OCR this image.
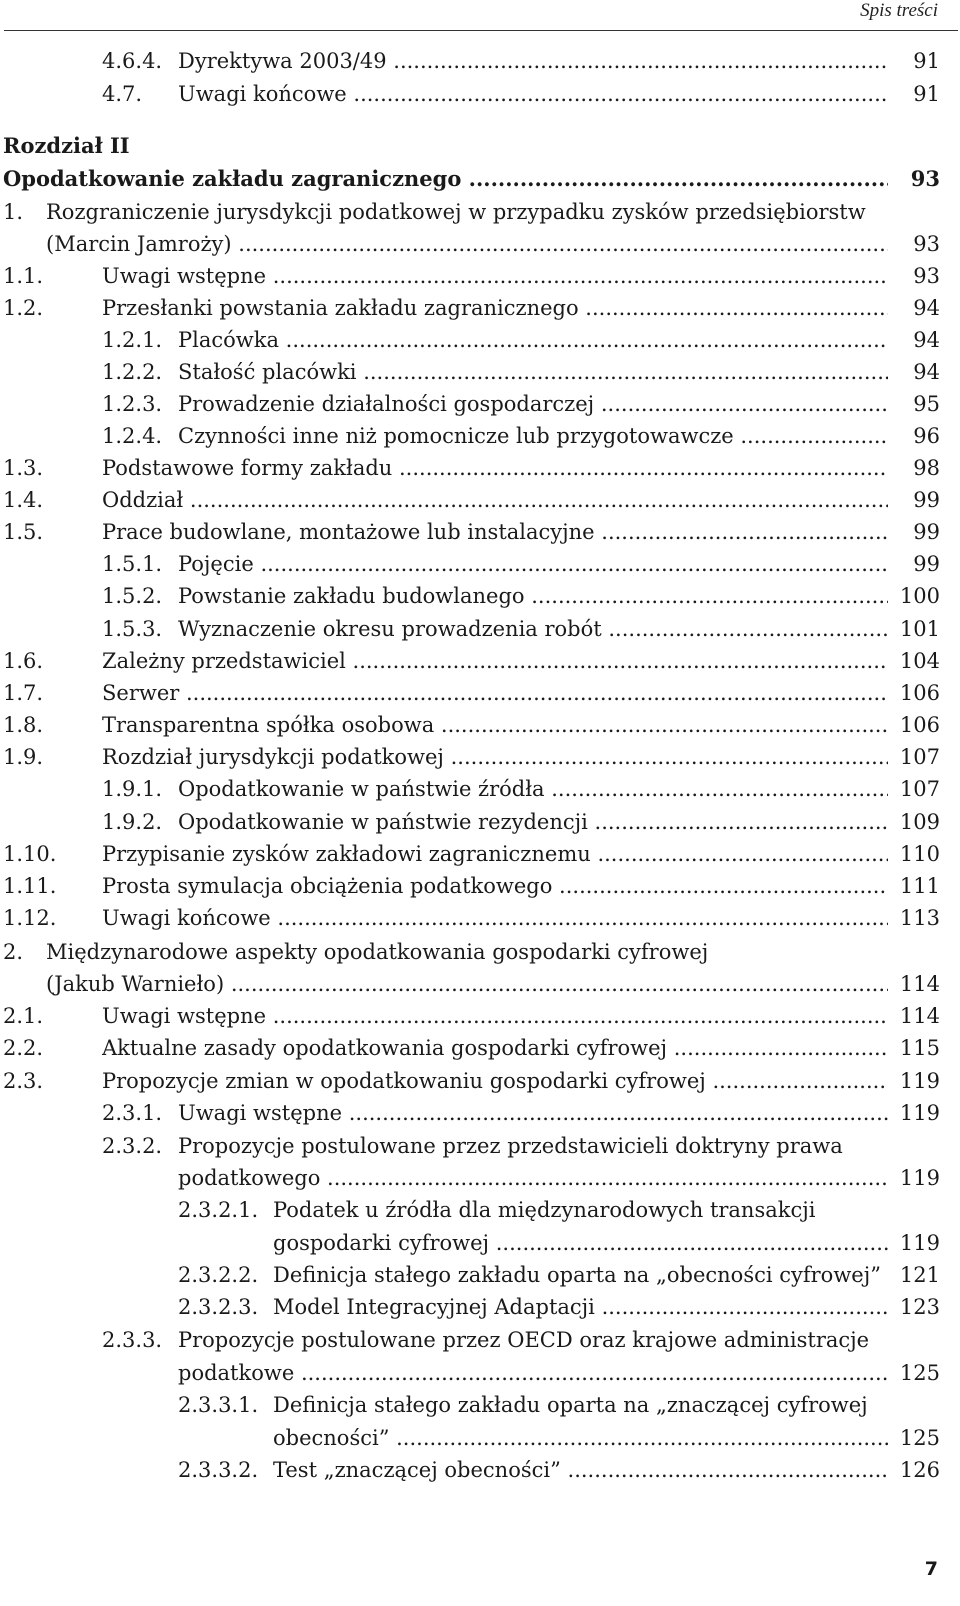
Spis treści
4.6.4. Dyrektywa 2003/49 .....	91
4.7. Uwagi końcowe .....	91
Rozdział II
Opodatkowanie zakładu zagranicznego .....	93
1. Rozgraniczenie jurysdykcji podatkowej w przypadku zysków przedsiębiorstw
(Marcin Jamroży) .....	93
1.1.	Uwagi wstępne .....	93
1.2.	Przesłanki powstania zakładu zagranicznego .....	94
1.2.1. Placówka .....	94
1.2.2. Stałość placówki .....	94
1.2.3. Prowadzenie działalności gospodarczej .....	95
1.2.4. Czynności inne niż pomocnicze lub przygotowawcze .....	96
1.3.	Podstawowe formy zakładu .....	98
1.4.	Oddział .....	99
1.5.	Prace budowlane, montażowe lub instalacyjne .....	99
1.5.1. Pojęcie .....	99
1.5.2. Powstanie zakładu budowlanego .....	100
1.5.3. Wyznaczenie okresu prowadzenia robót .....	101
1.6.	Zależny przedstawiciel .....	104
1.7.	Serwer .....	106
1.8.	Transparentna spółka osobowa .....	106
1.9.	Rozdział jurysdykcji podatkowej .....	107
1.9.1. Opodatkowanie w państwie źródła .....	107
1.9.2. Opodatkowanie w państwie rezydencji .....	109
1.10. Przypisanie zysków zakładowi zagranicznemu .....	110
1.11. Prosta symulacja obciążenia podatkowego .....	111
1.12. Uwagi końcowe .....	113
2. Międzynarodowe aspekty opodatkowania gospodarki cyfrowej
(Jakub Warnieło) .....	114
2.1.	Uwagi wstępne .....	114
2.2.	Aktualne zasady opodatkowania gospodarki cyfrowej .....	115
2.3.	Propozycje zmian w opodatkowaniu gospodarki cyfrowej .....	119
2.3.1. Uwagi wstępne .....	119
2.3.2. Propozycje postulowane przez przedstawicieli doktryny prawa
podatkowego .....	119
2.3.2.1. Podatek u źródła dla międzynarodowych transakcji
gospodarki cyfrowej .....	119
2.3.2.2. Definicja stałego zakładu oparta na „obecności cyfrowej” ..... 121
2.3.2.3. Model Integracyjnej Adaptacji .....	123
2.3.3. Propozycje postulowane przez OECD oraz krajowe administracje
podatkowe .....	125
2.3.3.1. Definicja stałego zakładu oparta na „znaczącej cyfrowej
obecności” .....	125
2.3.3.2. Test „znaczącej obecności” .....	126
7
